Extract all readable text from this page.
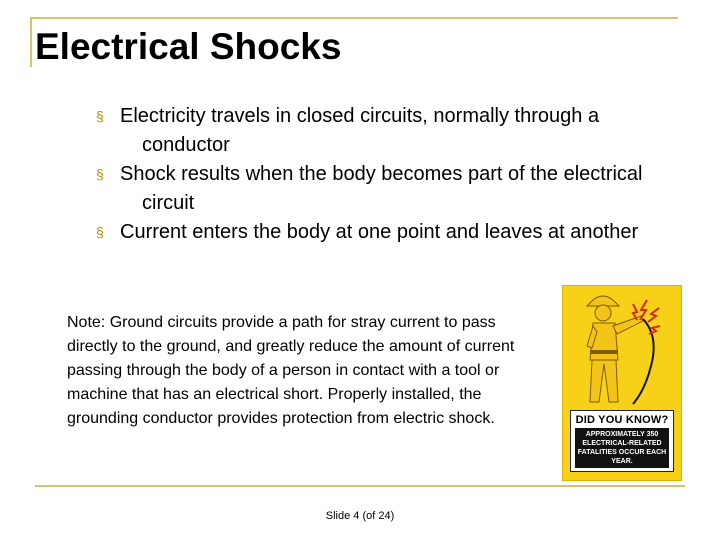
Electrical Shocks
§ Electricity travels in closed circuits, normally through a conductor
§ Shock results when the body becomes part of the electrical circuit
§ Current enters the body at one point and leaves at another
Note: Ground circuits provide a path for stray current to pass directly to the ground, and greatly reduce the amount of current passing through the body of a person in contact with a tool or machine that has an electrical short. Properly installed, the grounding conductor provides protection from electric shock.	DID YOU KNOW?
APPROXIMATELY 350 ELECTRICAL-RELATED FATALITIES OCCUR EACH YEAR.
Slide 4 (of 24)
